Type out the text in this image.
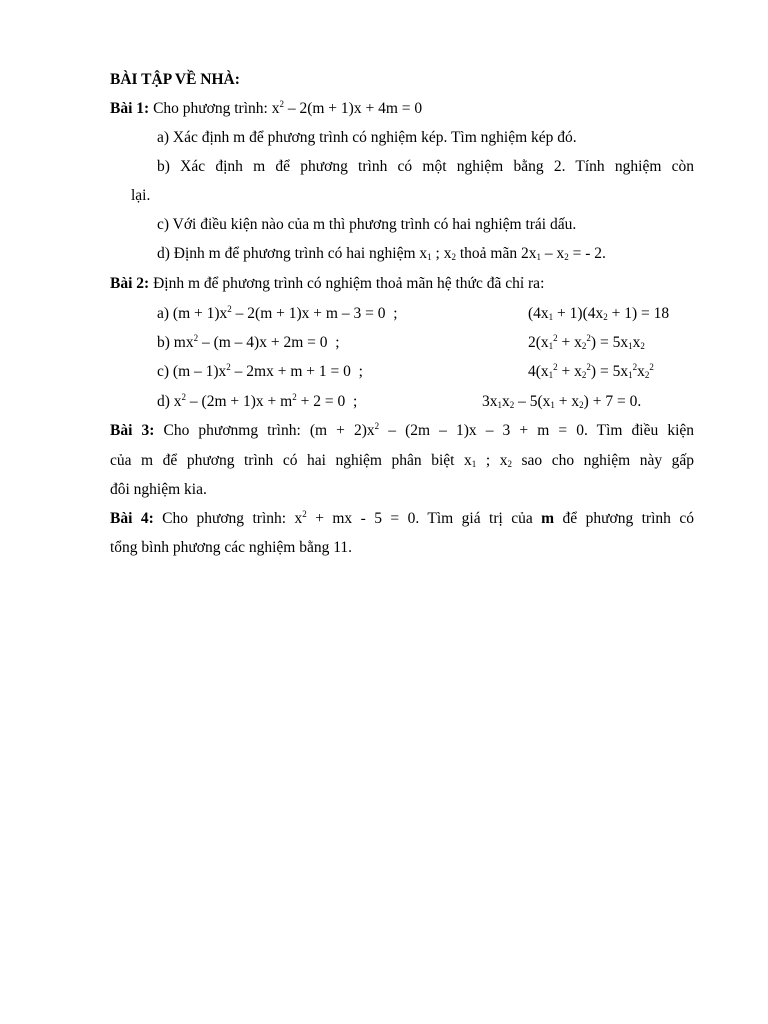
BÀI TẬP VỀ NHÀ:
Bài 1: Cho phương trình: $x^2 - 2(m + 1)x + 4m = 0$
a) Xác định m để phương trình có nghiệm kép. Tìm nghiệm kép đó.
b) Xác định m để phương trình có một nghiệm bằng 2. Tính nghiệm còn
lại.
c) Với điều kiện nào của m thì phương trình có hai nghiệm trái dấu.
d) Định m để phương trình có hai nghiệm $x_1$ ; $x_2$ thoả mãn $2x_1 - x_2$ = - 2.
Bài 2: Định m để phương trình có nghiệm thoả mãn hệ thức đã chỉ ra:
a) $(m + 1)x^2 - 2(m + 1)x + m - 3 = 0$  ;	$(4x_1 + 1)(4x_2 + 1) = 18$
b) $mx^2 - (m - 4)x + 2m = 0$  ;	$2(x_1^2 + x_2^2) = 5x_1x_2$
c) $(m - 1)x^2 - 2mx + m + 1 = 0$  ;	$4(x_1^2 + x_2^2) = 5x_1^2x_2^2$
d) $x^2 - (2m + 1)x + m^2 + 2 = 0$  ;	$3x_1x_2 - 5(x_1 + x_2) + 7 = 0$.
Bài 3: Cho phươnmg trình: $(m + 2)x^2 - (2m - 1)x - 3 + m = 0$. Tìm điều kiện
của m để phương trình có hai nghiệm phân biệt $x_1$ ; $x_2$ sao cho nghiệm này gấp
đôi nghiệm kia.
Bài 4: Cho phương trình: $x^2$ + mx - 5 = 0. Tìm giá trị của m để phương trình có
tổng bình phương các nghiệm bằng 11.
